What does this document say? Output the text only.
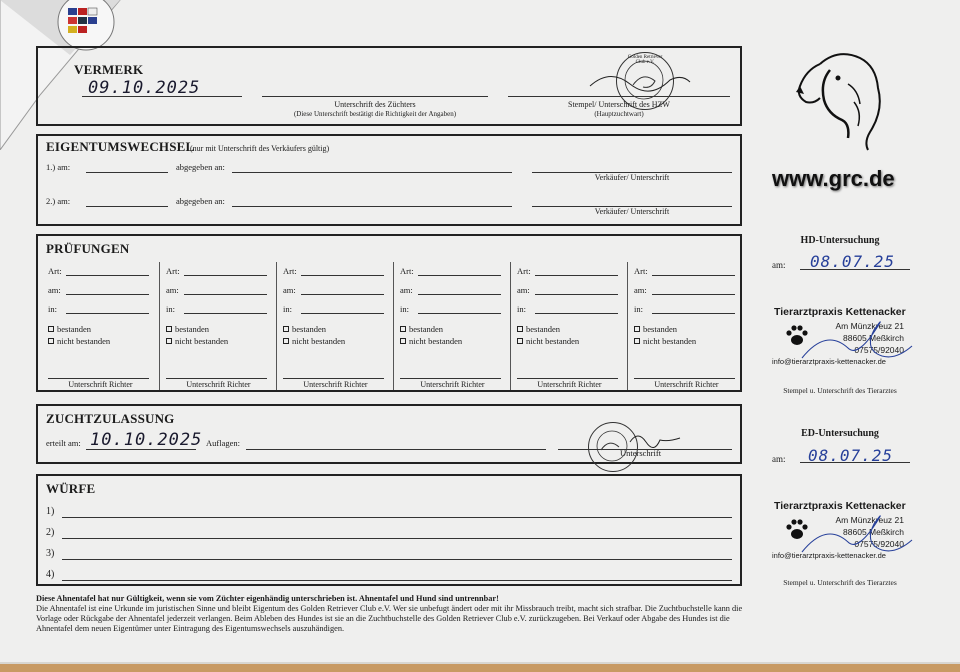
VERMERK
09.10.2025
Unterschrift des Züchters
(Diese Unterschrift bestätigt die Richtigkeit der Angaben)
Stempel/ Unterschrift des HZW
(Hauptzuchtwart)
Golden Retriever Club e.V.
EIGENTUMSWECHSEL
(nur mit Unterschrift des Verkäufers gültig)
1.) am:	abgegeben an:
Verkäufer/ Unterschrift
2.) am:	abgegeben an:
Verkäufer/ Unterschrift
PRÜFUNGEN
Art:
am:
in:
bestanden
nicht bestanden
Unterschrift Richter
Art:
am:
in:
bestanden
nicht bestanden
Unterschrift Richter
Art:
am:
in:
bestanden
nicht bestanden
Unterschrift Richter
Art:
am:
in:
bestanden
nicht bestanden
Unterschrift Richter
Art:
am:
in:
bestanden
nicht bestanden
Unterschrift Richter
Art:
am:
in:
bestanden
nicht bestanden
Unterschrift Richter
ZUCHTZULASSUNG
erteilt am: 10.10.2025 Auflagen:
Unterschrift
WÜRFE
1)
2)
3)
4)
Diese Ahnentafel hat nur Gültigkeit, wenn sie vom Züchter eigenhändig unterschrieben ist. Ahnentafel und Hund sind untrennbar!
Die Ahnentafel ist eine Urkunde im juristischen Sinne und bleibt Eigentum des Golden Retriever Club e.V. Wer sie unbefugt ändert oder mit ihr Missbrauch treibt, macht sich strafbar. Die Zuchtbuchstelle kann die Vorlage oder Rückgabe der Ahnentafel jederzeit verlangen. Beim Ableben des Hundes ist sie an die Zuchtbuchstelle des Golden Retriever Club e.V. zurückzugeben. Bei Verkauf oder Abgabe des Hundes ist die Ahnentafel dem neuen Eigentümer unter Eintragung des Eigentumswechsels auszuhändigen.
www.grc.de
HD-Untersuchung
am: 08.07.25
Tierarztpraxis Kettenacker
Am Münzkreuz 21
88605 Meßkirch
07575/92040
info@tierarztpraxis-kettenacker.de
Stempel u. Unterschrift des Tierarztes
ED-Untersuchung
am: 08.07.25
Tierarztpraxis Kettenacker
Am Münzkreuz 21
88605 Meßkirch
07575/92040
info@tierarztpraxis-kettenacker.de
Stempel u. Unterschrift des Tierarztes
